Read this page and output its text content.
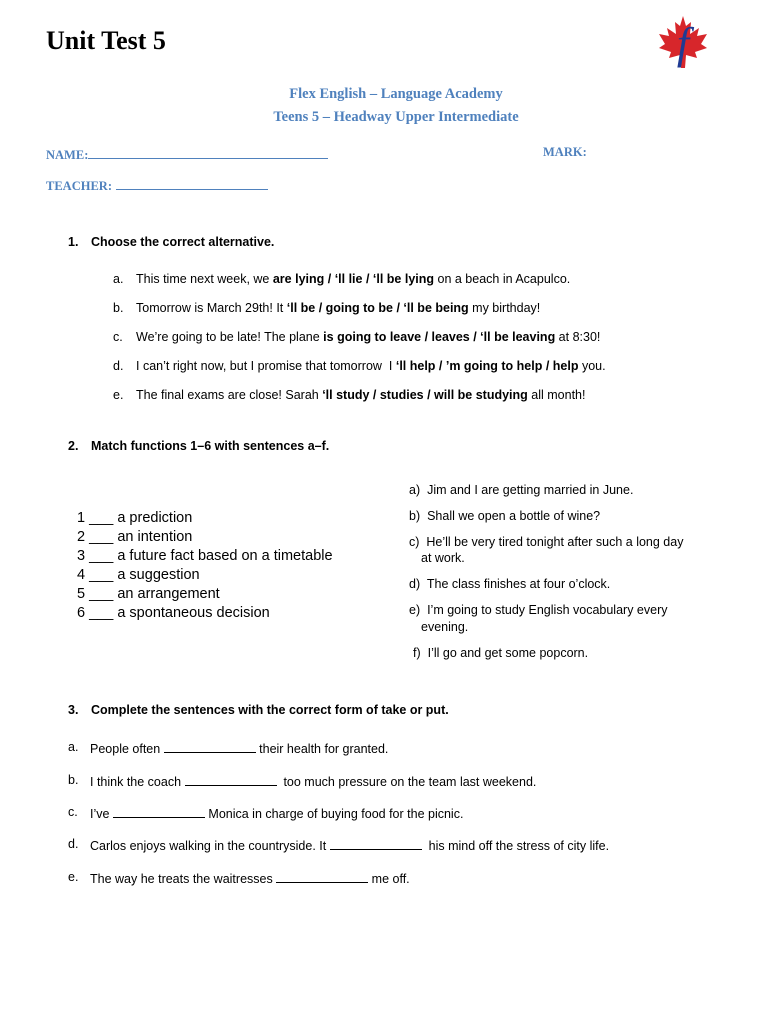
Unit Test 5	f
Flex English – Language Academy
Teens 5 – Headway Upper Intermediate
NAME:	MARK:
TEACHER:
1. Choose the correct alternative.
a. This time next week, we are lying / ‘ll lie / ‘ll be lying on a beach in Acapulco.
b. Tomorrow is March 29th! It ‘ll be / going to be / ‘ll be being my birthday!
c. We’re going to be late! The plane is going to leave / leaves / ‘ll be leaving at 8:30!
d. I can’t right now, but I promise that tomorrow  I ‘ll help / ’m going to help / help you.
e. The final exams are close! Sarah ‘ll study / studies / will be studying all month!
2. Match functions 1–6 with sentences a–f.
1 ___ a prediction
2 ___ an intention
3 ___ a future fact based on a timetable
4 ___ a suggestion
5 ___ an arrangement
6 ___ a spontaneous decision
a) Jim and I are getting married in June.
b) Shall we open a bottle of wine?
c) He’ll be very tired tonight after such a long day
at work.
d) The class finishes at four o’clock.
e) I’m going to study English vocabulary every
evening.
f) I’ll go and get some popcorn.
3. Complete the sentences with the correct form of take or put.
a. People often	their health for granted.
b. I think the coach	too much pressure on the team last weekend.
c. I’ve	Monica in charge of buying food for the picnic.
d. Carlos enjoys walking in the countryside. It	his mind off the stress of city life.
e. The way he treats the waitresses	me off.
